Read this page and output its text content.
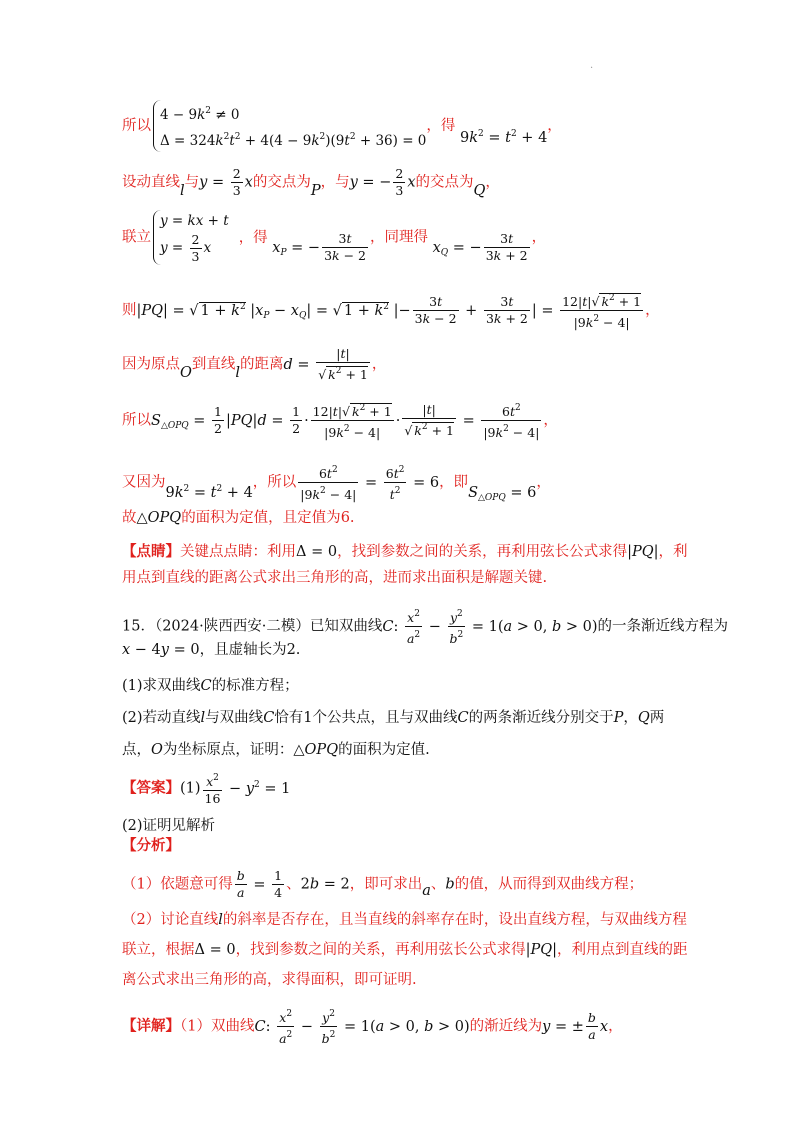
.
所以
$4 - 9k^2 \ne 0$
$\Delta = 324k^2t^2 + 4(4 - 9k^2)(9t^2 + 36) = 0$
，得 $9k^2 = t^2 + 4$，
设动直线l与$y = \frac{2}{3}$ x的交点为P，与y = − $\frac{2}{3}$ x的交点为Q，
联立
y = kx + t
$y = \frac{2}{3}$ x
，得 $x_P$ = − $\frac{3t}{3k - 2}$ ，同理得 $x_Q$ = − $\frac{3t}{3k + 2}$ ，
则|PQ| = √ $1 + k^2$ $|x_P - x_Q|$ = √ $1 + k^2$ |− $\frac{3t}{3k - 2} + \frac{3t}{3k + 2}$ | = $\frac{12|t|√ k^2 + 1}{|9k^2 - 4|}$ ，
因为原点O到直线l的距离$d = \frac{|t|}{√ k^2 + 1}$ ，
所以$S_{\triangle OPQ} = \frac{1}{2} |PQ|d = \frac{1}{2} \cdot \frac{12|t|√ k^2 + 1}{|9k^2 - 4|} \cdot \frac{|t|}{√ k^2 + 1} = \frac{6t^2}{|9k^2 - 4|}$ ，
又因为$9k^2 = t^2 + 4$，所以 $\frac{6t^2}{|9k^2 - 4|} = \frac{6t^2}{t^2} = 6$，即$S_{\triangle OPQ} = 6$，
故△OPQ的面积为定值，且定值为6.
【点睛】关键点点睛：利用Δ = 0，找到参数之间的关系，再利用弦长公式求得|PQ|，利
用点到直线的距离公式求出三角形的高，进而求出面积是解题关键.
15．（2024·陕西西安·二模）已知双曲线C: $\frac{x^2}{a^2} - \frac{y^2}{b^2} = 1(a > 0$, b > 0)的一条渐近线方程为
x − 4y = 0，且虚轴长为2.
(1)求双曲线C的标准方程；
(2)若动直线l与双曲线C恰有1个公共点，且与双曲线C的两条渐近线分别交于P，Q两
点，O为坐标原点，证明：△OPQ的面积为定值.
【答案】$(1) \frac{x^2}{16} - y^2 = 1$
(2)证明见解析
【分析】
（1）依题意可得 $\frac{b}{a} = \frac{1}{4}$ 、2b = 2，即可求出a、b的值，从而得到双曲线方程；
（2）讨论直线l的斜率是否存在，且当直线的斜率存在时，设出直线方程，与双曲线方程
联立，根据Δ = 0，找到参数之间的关系，再利用弦长公式求得|PQ|，利用点到直线的距
离公式求出三角形的高，求得面积，即可证明.
【详解】（1）双曲线C: $\frac{x^2}{a^2} - \frac{y^2}{b^2} = 1(a > 0$, b > 0)的渐近线为y = ± $\frac{b}{a}$ x，
